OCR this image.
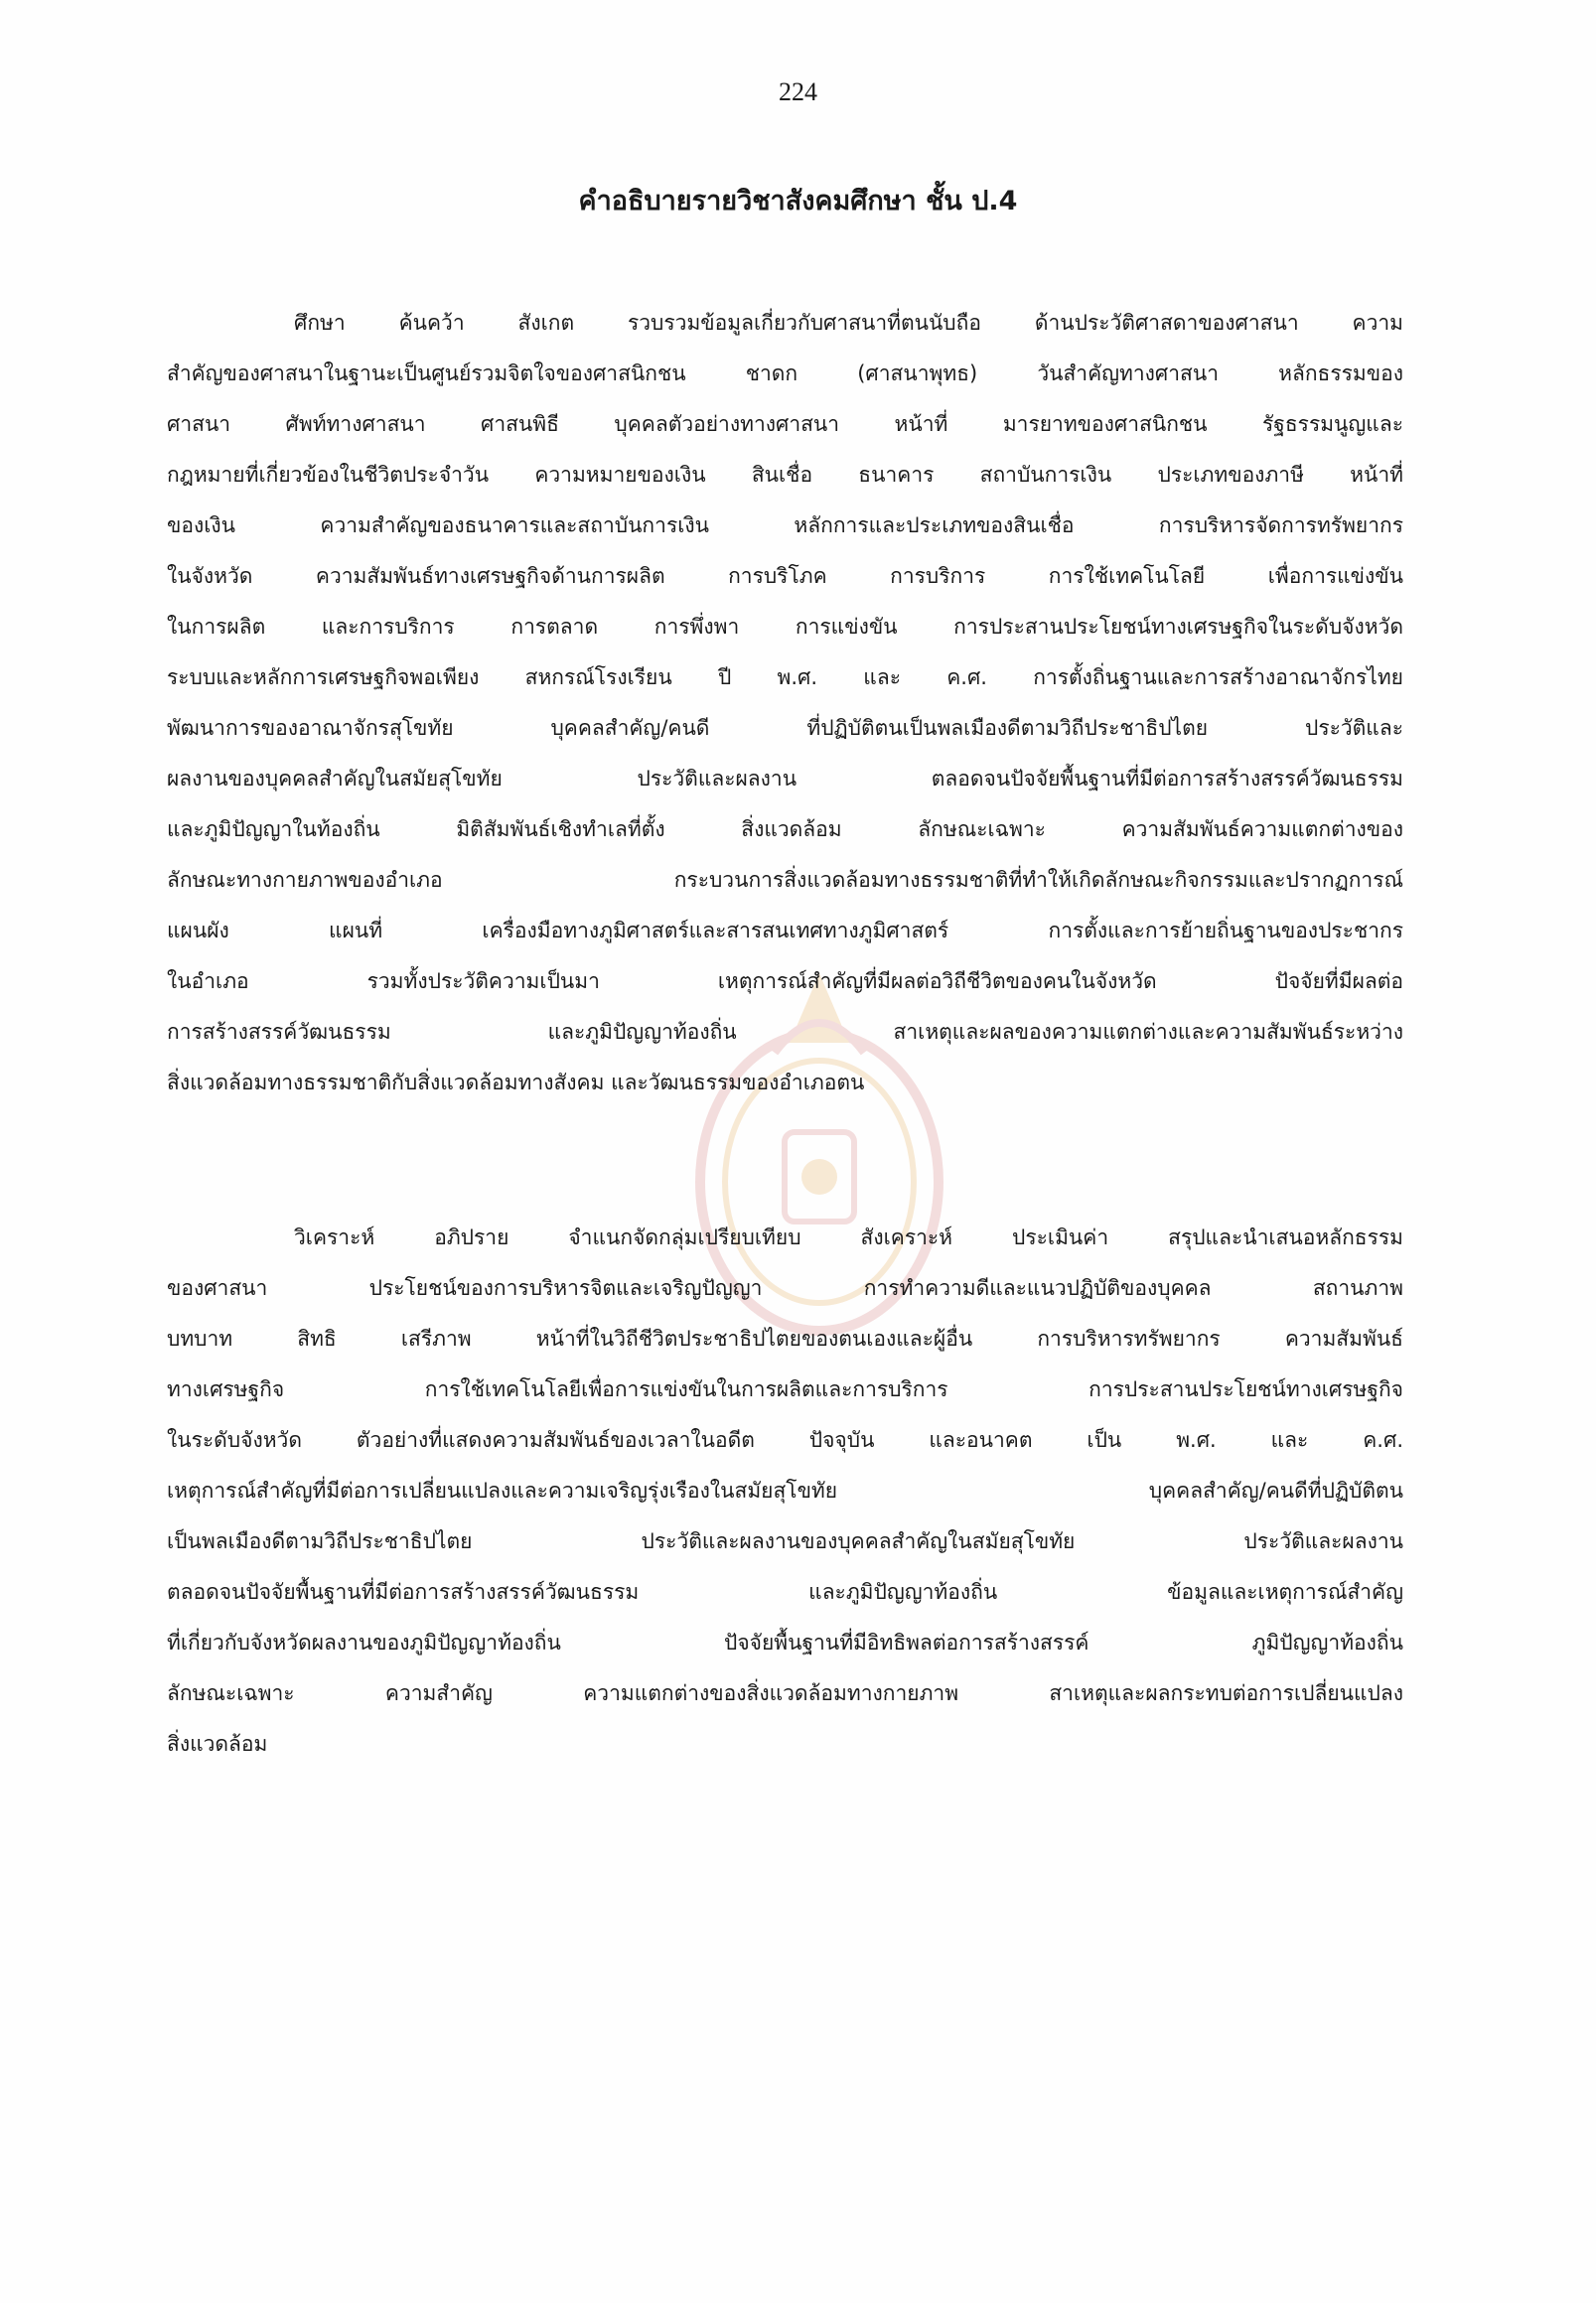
224
คำอธิบายรายวิชาสังคมศึกษา ชั้น ป.4
ศึกษา ค้นคว้า สังเกต รวบรวมข้อมูลเกี่ยวกับศาสนาที่ตนนับถือ ด้านประวัติศาสดาของศาสนา ความ
สำคัญของศาสนาในฐานะเป็นศูนย์รวมจิตใจของศาสนิกชน ชาดก (ศาสนาพุทธ) วันสำคัญทางศาสนา หลักธรรมของ
ศาสนา ศัพท์ทางศาสนา ศาสนพิธี บุคคลตัวอย่างทางศาสนา หน้าที่ มารยาทของศาสนิกชน รัฐธรรมนูญและ
กฎหมายที่เกี่ยวข้องในชีวิตประจำวัน ความหมายของเงิน สินเชื่อ ธนาคาร สถาบันการเงิน ประเภทของภาษี หน้าที่
ของเงิน ความสำคัญของธนาคารและสถาบันการเงิน หลักการและประเภทของสินเชื่อ การบริหารจัดการทรัพยากร
ในจังหวัด ความสัมพันธ์ทางเศรษฐกิจด้านการผลิต การบริโภค การบริการ การใช้เทคโนโลยี เพื่อการแข่งขัน
ในการผลิต และการบริการ การตลาด การพึ่งพา การแข่งขัน การประสานประโยชน์ทางเศรษฐกิจในระดับจังหวัด
ระบบและหลักการเศรษฐกิจพอเพียง สหกรณ์โรงเรียน ปี พ.ศ. และ ค.ศ. การตั้งถิ่นฐานและการสร้างอาณาจักรไทย
พัฒนาการของอาณาจักรสุโขทัย บุคคลสำคัญ/คนดี ที่ปฏิบัติตนเป็นพลเมืองดีตามวิถีประชาธิปไตย ประวัติและ
ผลงานของบุคคลสำคัญในสมัยสุโขทัย ประวัติและผลงาน ตลอดจนปัจจัยพื้นฐานที่มีต่อการสร้างสรรค์วัฒนธรรม
และภูมิปัญญาในท้องถิ่น มิติสัมพันธ์เชิงทำเลที่ตั้ง สิ่งแวดล้อม ลักษณะเฉพาะ ความสัมพันธ์ความแตกต่างของ
ลักษณะทางกายภาพของอำเภอ กระบวนการสิ่งแวดล้อมทางธรรมชาติที่ทำให้เกิดลักษณะกิจกรรมและปรากฏการณ์
แผนผัง แผนที่ เครื่องมือทางภูมิศาสตร์และสารสนเทศทางภูมิศาสตร์ การตั้งและการย้ายถิ่นฐานของประชากร
ในอำเภอ รวมทั้งประวัติความเป็นมา เหตุการณ์สำคัญที่มีผลต่อวิถีชีวิตของคนในจังหวัด ปัจจัยที่มีผลต่อ
การสร้างสรรค์วัฒนธรรม และภูมิปัญญาท้องถิ่น สาเหตุและผลของความแตกต่างและความสัมพันธ์ระหว่าง
สิ่งแวดล้อมทางธรรมชาติกับสิ่งแวดล้อมทางสังคม และวัฒนธรรมของอำเภอตน
วิเคราะห์ อภิปราย จำแนกจัดกลุ่มเปรียบเทียบ สังเคราะห์ ประเมินค่า สรุปและนำเสนอหลักธรรม
ของศาสนา ประโยชน์ของการบริหารจิตและเจริญปัญญา การทำความดีและแนวปฏิบัติของบุคคล สถานภาพ
บทบาท สิทธิ เสรีภาพ หน้าที่ในวิถีชีวิตประชาธิปไตยของตนเองและผู้อื่น การบริหารทรัพยากร ความสัมพันธ์
ทางเศรษฐกิจ การใช้เทคโนโลยีเพื่อการแข่งขันในการผลิตและการบริการ การประสานประโยชน์ทางเศรษฐกิจ
ในระดับจังหวัด ตัวอย่างที่แสดงความสัมพันธ์ของเวลาในอดีต ปัจจุบัน และอนาคต เป็น พ.ศ. และ ค.ศ.
เหตุการณ์สำคัญที่มีต่อการเปลี่ยนแปลงและความเจริญรุ่งเรืองในสมัยสุโขทัย บุคคลสำคัญ/คนดีที่ปฏิบัติตน
เป็นพลเมืองดีตามวิถีประชาธิปไตย ประวัติและผลงานของบุคคลสำคัญในสมัยสุโขทัย ประวัติและผลงาน
ตลอดจนปัจจัยพื้นฐานที่มีต่อการสร้างสรรค์วัฒนธรรม และภูมิปัญญาท้องถิ่น ข้อมูลและเหตุการณ์สำคัญ
ที่เกี่ยวกับจังหวัดผลงานของภูมิปัญญาท้องถิ่น ปัจจัยพื้นฐานที่มีอิทธิพลต่อการสร้างสรรค์ ภูมิปัญญาท้องถิ่น
ลักษณะเฉพาะ ความสำคัญ ความแตกต่างของสิ่งแวดล้อมทางกายภาพ สาเหตุและผลกระทบต่อการเปลี่ยนแปลง
สิ่งแวดล้อม
